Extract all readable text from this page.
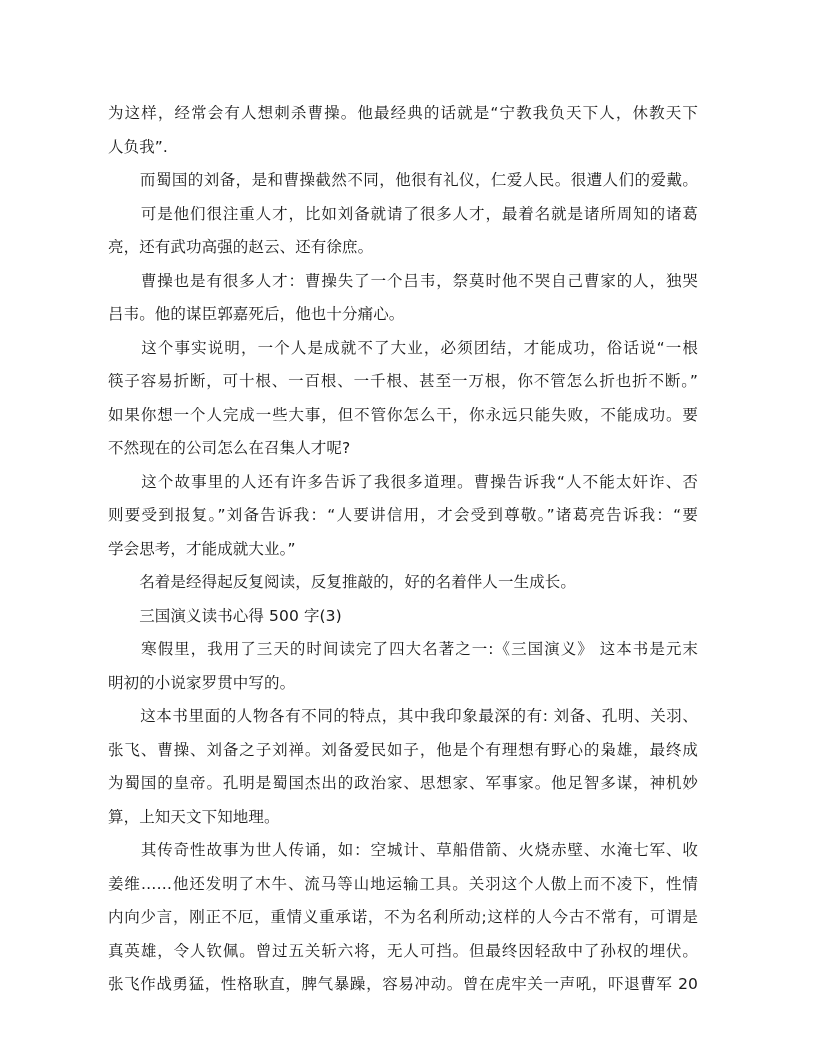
为这样，经常会有人想刺杀曹操。他最经典的话就是“宁教我负天下人，休教天下
人负我”.
　　而蜀国的刘备，是和曹操截然不同，他很有礼仪，仁爱人民。很遭人们的爱戴。
　　可是他们很注重人才，比如刘备就请了很多人才，最着名就是诸所周知的诸葛
亮，还有武功高强的赵云、还有徐庶。
　　曹操也是有很多人才：曹操失了一个吕韦，祭莫时他不哭自己曹家的人，独哭
吕韦。他的谋臣郭嘉死后，他也十分痛心。
　　这个事实说明，一个人是成就不了大业，必须团结，才能成功，俗话说“一根
筷子容易折断，可十根、一百根、一千根、甚至一万根，你不管怎么折也折不断。”
如果你想一个人完成一些大事，但不管你怎么干，你永远只能失败，不能成功。要
不然现在的公司怎么在召集人才呢?
　　这个故事里的人还有许多告诉了我很多道理。曹操告诉我“人不能太奸诈、否
则要受到报复。”刘备告诉我：“人要讲信用，才会受到尊敬。”诸葛亮告诉我：“要
学会思考，才能成就大业。”
　　名着是经得起反复阅读，反复推敲的，好的名着伴人一生成长。
　　三国演义读书心得 500 字(3)
　　寒假里，我用了三天的时间读完了四大名著之一:《三国演义》 这本书是元末
明初的小说家罗贯中写的。
　　这本书里面的人物各有不同的特点，其中我印象最深的有: 刘备、孔明、关羽、
张飞、曹操、刘备之子刘禅。刘备爱民如子，他是个有理想有野心的枭雄，最终成
为蜀国的皇帝。孔明是蜀国杰出的政治家、思想家、军事家。他足智多谋，神机妙
算，上知天文下知地理。
　　其传奇性故事为世人传诵，如：空城计、草船借箭、火烧赤壁、水淹七军、收
姜维……他还发明了木牛、流马等山地运输工具。关羽这个人傲上而不凌下，性情
内向少言，刚正不厄，重情义重承诺，不为名利所动;这样的人今古不常有，可谓是
真英雄，令人钦佩。曾过五关斩六将，无人可挡。但最终因轻敌中了孙权的埋伏。
张飞作战勇猛，性格耿直，脾气暴躁，容易冲动。曾在虎牢关一声吼，吓退曹军 20
